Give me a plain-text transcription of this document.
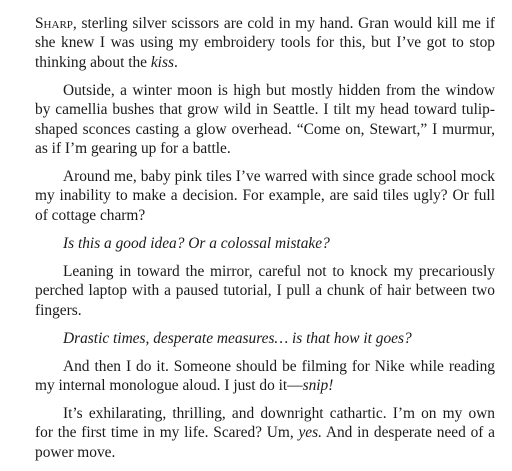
Sharp, sterling silver scissors are cold in my hand. Gran would kill me if she knew I was using my embroidery tools for this, but I’ve got to stop thinking about the kiss.

Outside, a winter moon is high but mostly hidden from the window by camellia bushes that grow wild in Seattle. I tilt my head toward tulip-shaped sconces casting a glow overhead. “Come on, Stewart,” I murmur, as if I’m gearing up for a battle.

Around me, baby pink tiles I’ve warred with since grade school mock my inability to make a decision. For example, are said tiles ugly? Or full of cottage charm?

Is this a good idea? Or a colossal mistake?

Leaning in toward the mirror, careful not to knock my precariously perched laptop with a paused tutorial, I pull a chunk of hair between two fingers.

Drastic times, desperate measures… is that how it goes?

And then I do it. Someone should be filming for Nike while reading my internal monologue aloud. I just do it—snip!

It’s exhilarating, thrilling, and downright cathartic. I’m on my own for the first time in my life. Scared? Um, yes. And in desperate need of a power move.
